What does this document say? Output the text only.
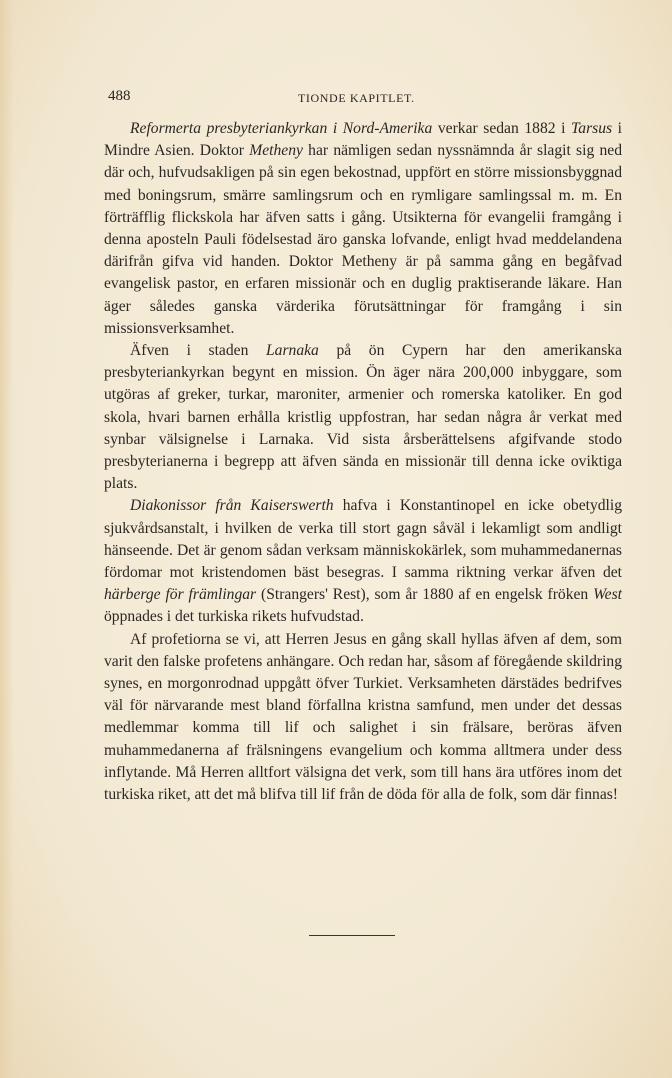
488	TIONDE KAPITLET.

Reformerta presbyteriankyrkan i Nord-Amerika verkar sedan 1882 i Tarsus i Mindre Asien. Doktor Metheny har nämligen sedan nyssnämnda år slagit sig ned där och, hufvudsakligen på sin egen bekostnad, uppfört en större missionsbyggnad med boningsrum, smärre samlingsrum och en rymligare samlingssal m. m. En förträfflig flickskola har äfven satts i gång. Utsikterna för evangelii framgång i denna aposteln Pauli födelsestad äro ganska lofvande, enligt hvad meddelandena därifrån gifva vid handen. Doktor Metheny är på samma gång en begåfvad evangelisk pastor, en erfaren missionär och en duglig praktiserande läkare. Han äger således ganska värderika förutsättningar för framgång i sin missionsverksamhet.

Äfven i staden Larnaka på ön Cypern har den amerikanska presbyteriankyrkan begynt en mission. Ön äger nära 200,000 inbyggare, som utgöras af greker, turkar, maroniter, armenier och romerska katoliker. En god skola, hvari barnen erhålla kristlig uppfostran, har sedan några år verkat med synbar välsignelse i Larnaka. Vid sista årsberättelsens afgifvande stodo presbyterianerna i begrepp att äfven sända en missionär till denna icke oviktiga plats.

Diakonissor från Kaiserswerth hafva i Konstantinopel en icke obetydlig sjukvårdsanstalt, i hvilken de verka till stort gagn såväl i lekamligt som andligt hänseende. Det är genom sådan verksam människokärlek, som muhammedanernas fördomar mot kristendomen bäst besegras. I samma riktning verkar äfven det härberge för främlingar (Strangers' Rest), som år 1880 af en engelsk fröken West öppnades i det turkiska rikets hufvudstad.

Af profetiorna se vi, att Herren Jesus en gång skall hyllas äfven af dem, som varit den falske profetens anhängare. Och redan har, såsom af föregående skildring synes, en morgonrodnad uppgått öfver Turkiet. Verksamheten därstädes bedrifves väl för närvarande mest bland förfallna kristna samfund, men under det dessas medlemmar komma till lif och salighet i sin frälsare, beröras äfven muhammedanerna af frälsningens evangelium och komma alltmera under dess inflytande. Må Herren alltfort välsigna det verk, som till hans ära utföres inom det turkiska riket, att det må blifva till lif från de döda för alla de folk, som där finnas!
